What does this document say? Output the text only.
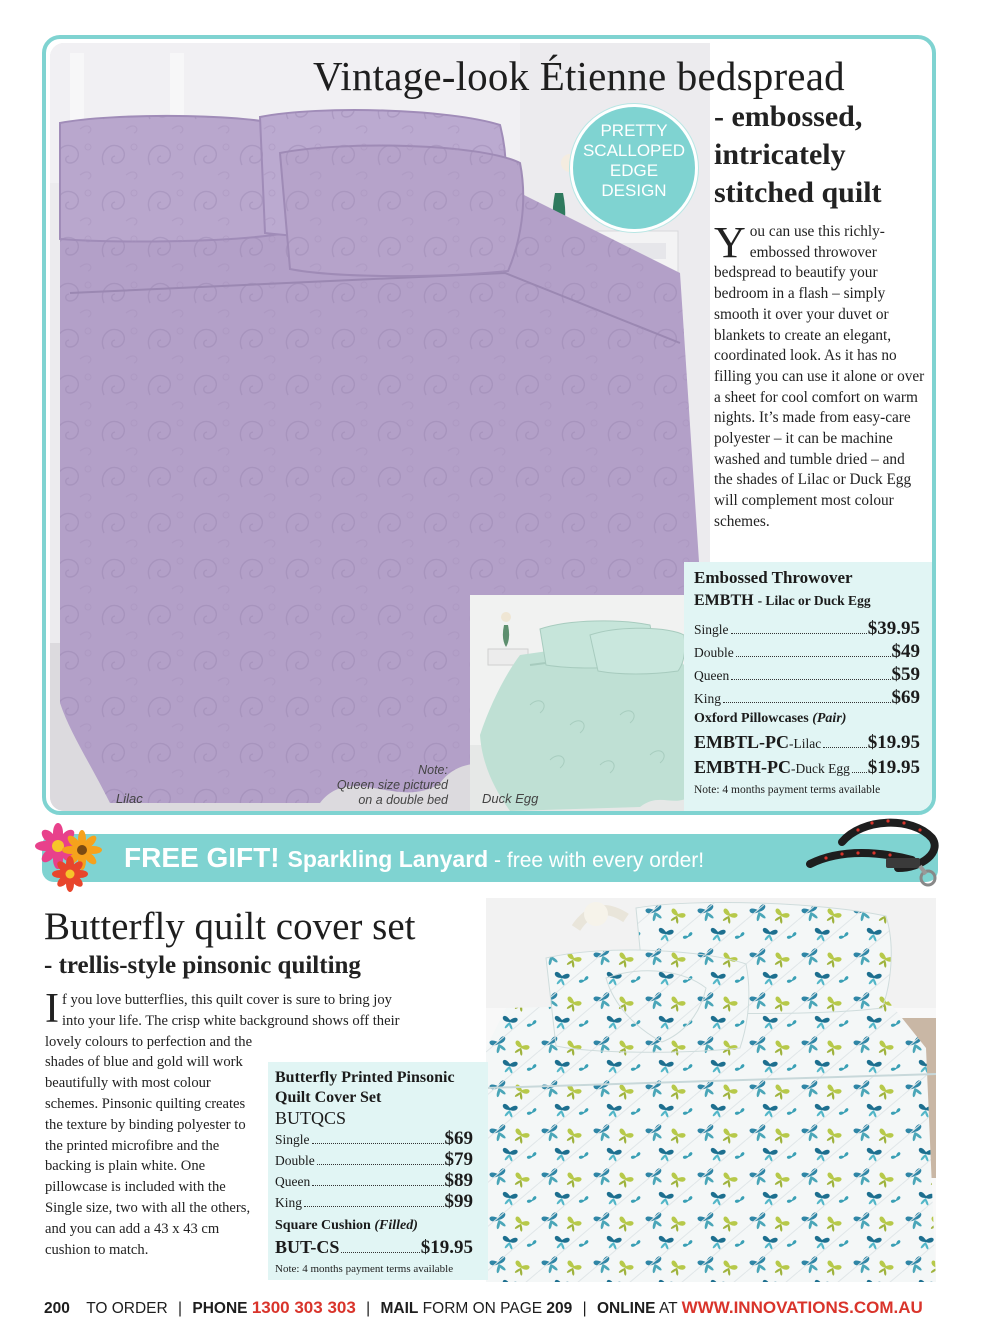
Lilac
Note:
Queen size pictured
on a double bed	Duck Egg
Vintage-look Étienne bedspread
- embossed,
intricately
stitched quilt
PRETTY
SCALLOPED
EDGE
DESIGN
You can use this richly-embossed throwover bedspread to beautify your bedroom in a flash – simply smooth it over your duvet or blankets to create an elegant, coordinated look. As it has no filling you can use it alone or over a sheet for cool comfort on warm nights. It’s made from easy-care polyester – it can be machine washed and tumble dried – and the shades of Lilac or Duck Egg will complement most colour schemes.
Embossed Throwover
EMBTH - Lilac or Duck Egg
Single	$39.95
Double	$49
Queen	$59
King	$69
Oxford Pillowcases (Pair)
EMBTL-PC -Lilac $19.95
EMBTH-PC -Duck Egg $19.95
Note: 4 months payment terms available
FREE GIFT! Sparkling Lanyard - free with every order!
Butterfly quilt cover set
- trellis-style pinsonic quilting
If you love butterflies, this quilt cover is sure to bring joy into your life. The crisp white background shows off their lovely colours to perfection and the
shades of blue and gold will work beautifully with most colour schemes. Pinsonic quilting creates the texture by binding polyester to the printed microfibre and the backing is plain white. One pillowcase is included with the Single size, two with all the others, and you can add a 43 x 43 cm cushion to match.
Butterfly Printed Pinsonic
Quilt Cover Set
BUTQCS
Single	$69
Double	$79
Queen	$89
King	$99
Square Cushion (Filled)
BUT-CS	$19.95
Note: 4 months payment terms available
200 TO ORDER | PHONE 1300 303 303 | MAIL FORM ON PAGE 209 | ONLINE AT WWW.INNOVATIONS.COM.AU
